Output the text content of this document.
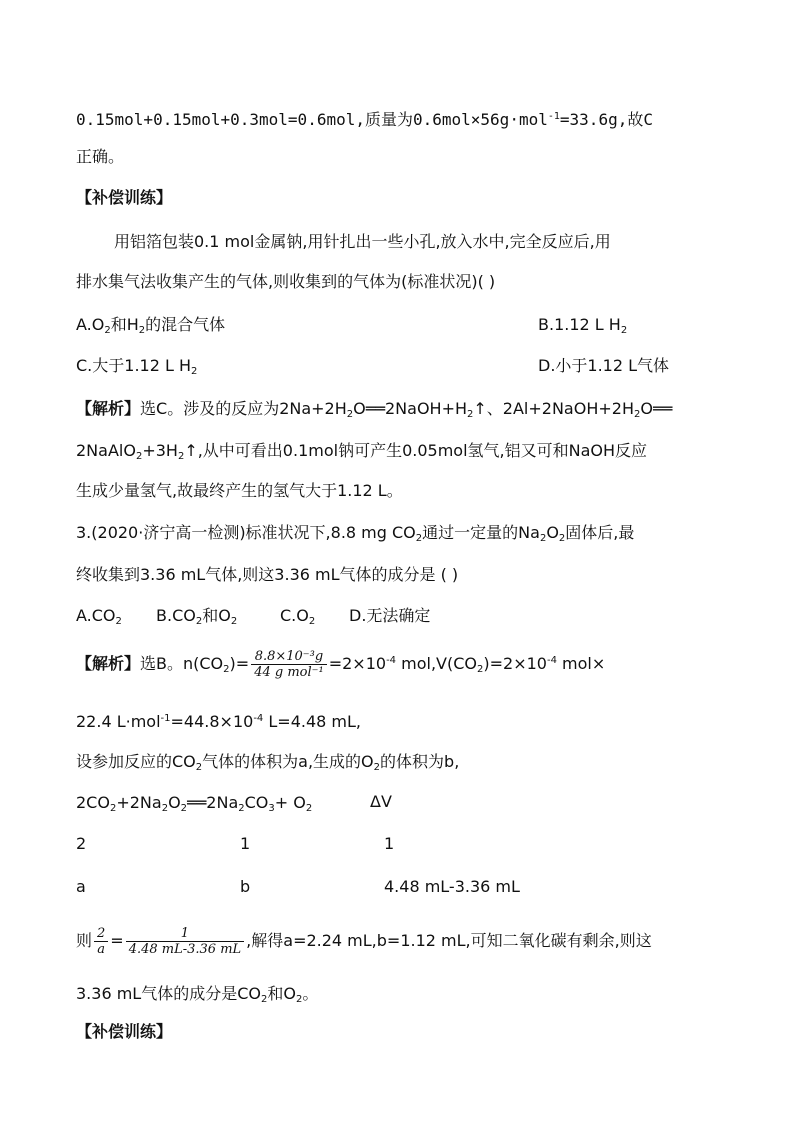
0.15mol+0.15mol+0.3mol=0.6mol,质量为0.6mol×56g·mol$^{-1}$=33.6g,故C
正确。
【补偿训练】
用铝箔包装0.1 mol金属钠,用针扎出一些小孔,放入水中,完全反应后,用
排水集气法收集产生的气体,则收集到的气体为(标准状况)( )
$A.O_2$和$H_2$的混合气体	B.1.12 L $H_2$
C.大于1.12 L $H_2$	D.小于1.12 L气体
【解析】选C。涉及的反应为$2Na+2H_2O══2NaOH+H_2↑$、$2Al+2NaOH+2H_2O══$
$2NaAlO_2+3H_2↑$,从中可看出0.1mol钠可产生0.05mol氢气,铝又可和NaOH反应
生成少量氢气,故最终产生的氢气大于1.12 L。
3.(2020·济宁高一检测)标准状况下,8.8 mg $CO_2$通过一定量的$Na_2O_2$固体后,最
终收集到3.36 mL气体,则这3.36 mL气体的成分是 ( )
$A.CO_2$ $B.CO_2$和$O_2$	$C.O_2$ D.无法确定
【解析】选B。$n(CO_2)= \frac{\text{8.8×10⁻³g}}{\text{44 g mol⁻¹}} =2\times 10^{-4}$ $mol,V(CO_2)=2\times 10^{-4}$ mol×
22.4 $L\cdot mol^{-1}=44.8\times 10^{-4}$ L=4.48 mL,
设参加反应的$CO_2$气体的体积为a,生成的$O_2$的体积为b,
$2CO_2+2Na_2O_2══2Na_2CO_3+ O_2$	ΔV
2	1	1
a	b	4.48 mL-3.36 mL
则 $\frac{2}{a} = \frac{1}{4.48 mL-3.36 mL}$ ,解得a=2.24 mL,b=1.12 mL,可知二氧化碳有剩余,则这
3.36 mL气体的成分是$CO_2$和$O_2$。
【补偿训练】
